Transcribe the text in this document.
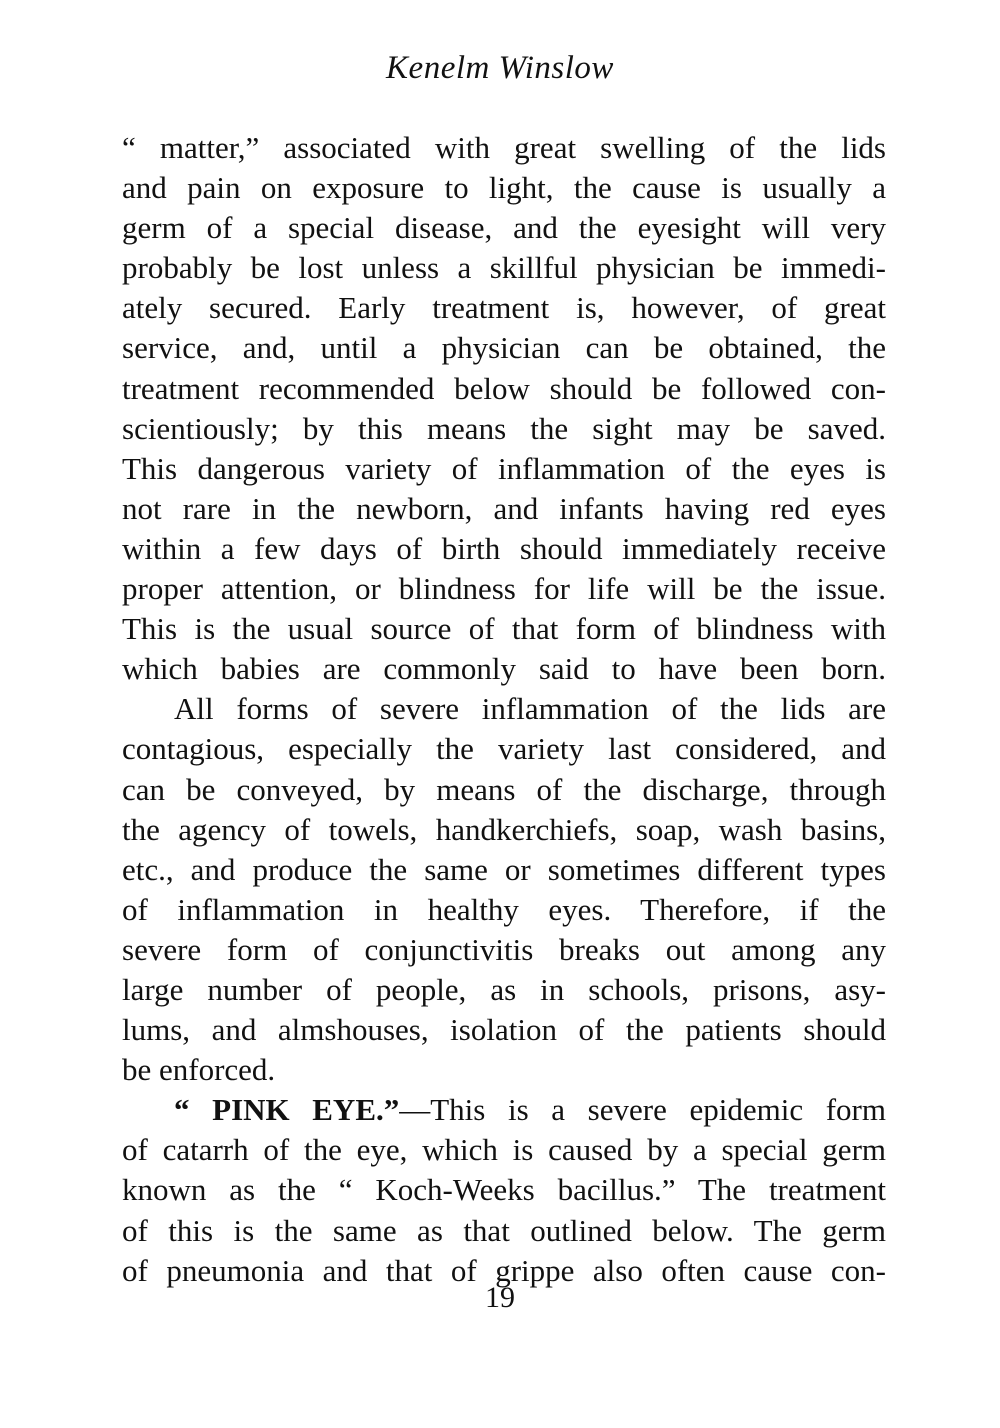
Kenelm Winslow
“ matter,” associated with great swelling of the lids
and pain on exposure to light, the cause is usually a
germ of a special disease, and the eyesight will very
probably be lost unless a skillful physician be immedi-
ately secured. Early treatment is, however, of great
service, and, until a physician can be obtained, the
treatment recommended below should be followed con-
scientiously; by this means the sight may be saved.
This dangerous variety of inflammation of the eyes is
not rare in the newborn, and infants having red eyes
within a few days of birth should immediately receive
proper attention, or blindness for life will be the issue.
This is the usual source of that form of blindness with
which babies are commonly said to have been born.
All forms of severe inflammation of the lids are
contagious, especially the variety last considered, and
can be conveyed, by means of the discharge, through
the agency of towels, handkerchiefs, soap, wash basins,
etc., and produce the same or sometimes different types
of inflammation in healthy eyes. Therefore, if the
severe form of conjunctivitis breaks out among any
large number of people, as in schools, prisons, asy-
lums, and almshouses, isolation of the patients should
be enforced.
“ PINK EYE.”—This is a severe epidemic form
of catarrh of the eye, which is caused by a special germ
known as the “ Koch-Weeks bacillus.” The treatment
of this is the same as that outlined below. The germ
of pneumonia and that of grippe also often cause con-
19
